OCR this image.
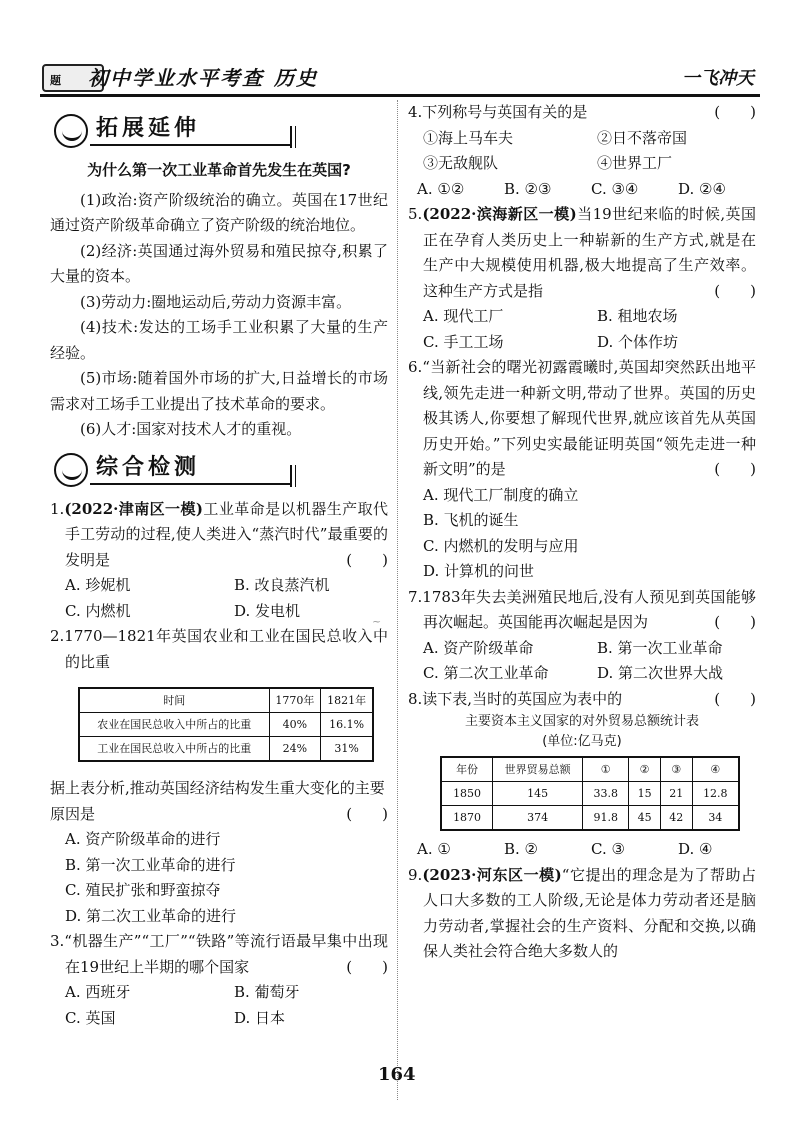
题 初中学业水平考查 历史	一飞冲天
拓展延伸
为什么第一次工业革命首先发生在英国?
(1)政治:资产阶级统治的确立。英国在17世纪通过资产阶级革命确立了资产阶级的统治地位。
(2)经济:英国通过海外贸易和殖民掠夺,积累了大量的资本。
(3)劳动力:圈地运动后,劳动力资源丰富。
(4)技术:发达的工场手工业积累了大量的生产经验。
(5)市场:随着国外市场的扩大,日益增长的市场需求对工场手工业提出了技术革命的要求。
(6)人才:国家对技术人才的重视。
综合检测
1.(2022·津南区一模)工业革命是以机器生产取代手工劳动的过程,使人类进入“蒸汽时代”最重要的发明是	(　　)
A. 珍妮机	B. 改良蒸汽机
C. 内燃机	D. 发电机
2.1770—1821年英国农业和工业在国民总收入中的比重
时间	1770年	1821年
农业在国民总收入中所占的比重	40%	16.1%
工业在国民总收入中所占的比重	24%	31%
据上表分析,推动英国经济结构发生重大变化的主要原因是	(　　)
A. 资产阶级革命的进行
B. 第一次工业革命的进行
C. 殖民扩张和野蛮掠夺
D. 第二次工业革命的进行
3.“机器生产”“工厂”“铁路”等流行语最早集中出现在19世纪上半期的哪个国家	(　　)
A. 西班牙	B. 葡萄牙
C. 英国	D. 日本
~
4.下列称号与英国有关的是	(　　)
①海上马车夫	②日不落帝国
③无敌舰队	④世界工厂
A. ①②	B. ②③	C. ③④	D. ②④
5.(2022·滨海新区一模)当19世纪来临的时候,英国正在孕育人类历史上一种崭新的生产方式,就是在生产中大规模使用机器,极大地提高了生产效率。这种生产方式是指	(　　)
A. 现代工厂	B. 租地农场
C. 手工工场	D. 个体作坊
6.“当新社会的曙光初露霞曦时,英国却突然跃出地平线,领先走进一种新文明,带动了世界。英国的历史极其诱人,你要想了解现代世界,就应该首先从英国历史开始。”下列史实最能证明英国“领先走进一种新文明”的是	(　　)
A. 现代工厂制度的确立
B. 飞机的诞生
C. 内燃机的发明与应用
D. 计算机的问世
7.1783年失去美洲殖民地后,没有人预见到英国能够再次崛起。英国能再次崛起是因为	(　　)
A. 资产阶级革命	B. 第一次工业革命
C. 第二次工业革命	D. 第二次世界大战
8.读下表,当时的英国应为表中的	(　　)
主要资本主义国家的对外贸易总额统计表
(单位:亿马克)
年份	世界贸易总额	①	②	③	④
1850	145	33.8	15	21	12.8
1870	374	91.8	45	42	34
A. ①	B. ②	C. ③	D. ④
9.(2023·河东区一模)“它提出的理念是为了帮助占人口大多数的工人阶级,无论是体力劳动者还是脑力劳动者,掌握社会的生产资料、分配和交换,以确保人类社会符合绝大多数人的
164
